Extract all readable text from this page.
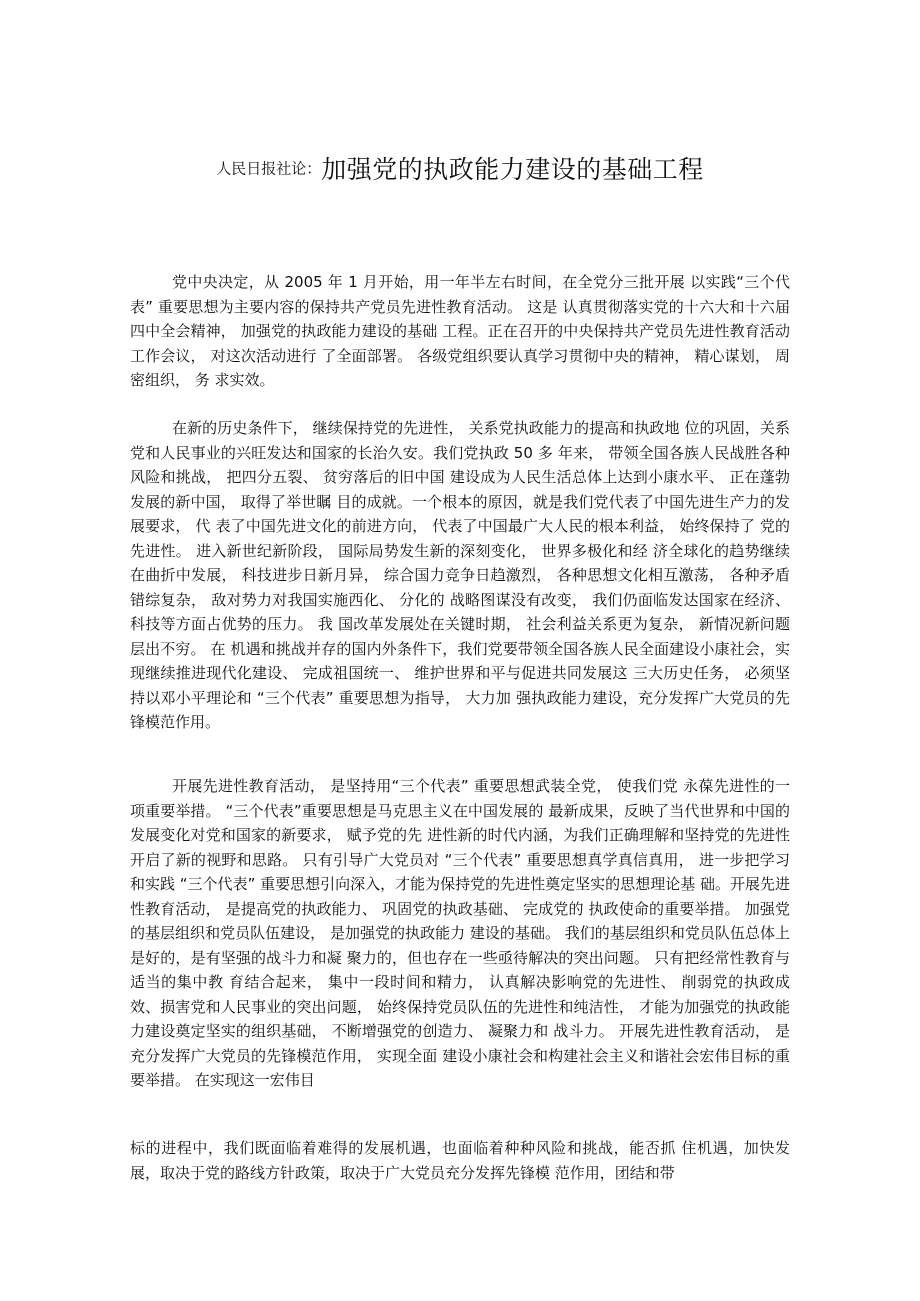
人民日报社论：加强党的执政能力建设的基础工程

党中央决定，从 2005 年 1 月开始，用一年半左右时间，在全党分三批开展 以实践“三个代表” 重要思想为主要内容的保持共产党员先进性教育活动。 这是 认真贯彻落实党的十六大和十六届四中全会精神， 加强党的执政能力建设的基础 工程。正在召开的中央保持共产党员先进性教育活动工作会议， 对这次活动进行 了全面部署。 各级党组织要认真学习贯彻中央的精神， 精心谋划， 周密组织， 务 求实效。

在新的历史条件下， 继续保持党的先进性， 关系党执政能力的提高和执政地 位的巩固，关系党和人民事业的兴旺发达和国家的长治久安。我们党执政 50 多 年来， 带领全国各族人民战胜各种风险和挑战， 把四分五裂、 贫穷落后的旧中国 建设成为人民生活总体上达到小康水平、 正在蓬勃发展的新中国， 取得了举世瞩 目的成就。一个根本的原因，就是我们党代表了中国先进生产力的发展要求， 代 表了中国先进文化的前进方向， 代表了中国最广大人民的根本利益， 始终保持了 党的先进性。 进入新世纪新阶段， 国际局势发生新的深刻变化， 世界多极化和经 济全球化的趋势继续在曲折中发展， 科技进步日新月异， 综合国力竞争日趋激烈， 各种思想文化相互激荡， 各种矛盾错综复杂， 敌对势力对我国实施西化、 分化的 战略图谋没有改变， 我们仍面临发达国家在经济、 科技等方面占优势的压力。 我 国改革发展处在关键时期， 社会利益关系更为复杂， 新情况新问题层出不穷。 在 机遇和挑战并存的国内外条件下，我们党要带领全国各族人民全面建设小康社会，实现继续推进现代化建设、 完成祖国统一、 维护世界和平与促进共同发展这 三大历史任务， 必须坚持以邓小平理论和 “三个代表” 重要思想为指导， 大力加 强执政能力建设，充分发挥广大党员的先锋模范作用。

开展先进性教育活动， 是坚持用“三个代表” 重要思想武装全党， 使我们党 永葆先进性的一项重要举措。 “三个代表”重要思想是马克思主义在中国发展的 最新成果，反映了当代世界和中国的发展变化对党和国家的新要求， 赋予党的先 进性新的时代内涵，为我们正确理解和坚持党的先进性开启了新的视野和思路。 只有引导广大党员对 “三个代表” 重要思想真学真信真用， 进一步把学习和实践 “三个代表” 重要思想引向深入，才能为保持党的先进性奠定坚实的思想理论基 础。开展先进性教育活动， 是提高党的执政能力、 巩固党的执政基础、 完成党的 执政使命的重要举措。 加强党的基层组织和党员队伍建设， 是加强党的执政能力 建设的基础。 我们的基层组织和党员队伍总体上是好的，是有坚强的战斗力和凝 聚力的，但也存在一些亟待解决的突出问题。 只有把经常性教育与适当的集中教 育结合起来， 集中一段时间和精力， 认真解决影响党的先进性、 削弱党的执政成 效、损害党和人民事业的突出问题， 始终保持党员队伍的先进性和纯洁性， 才能为加强党的执政能力建设奠定坚实的组织基础， 不断增强党的创造力、 凝聚力和 战斗力。 开展先进性教育活动， 是充分发挥广大党员的先锋模范作用， 实现全面 建设小康社会和构建社会主义和谐社会宏伟目标的重要举措。 在实现这一宏伟目

标的进程中，我们既面临着难得的发展机遇，也面临着种种风险和挑战，能否抓 住机遇，加快发展，取决于党的路线方针政策，取决于广大党员充分发挥先锋模 范作用，团结和带
